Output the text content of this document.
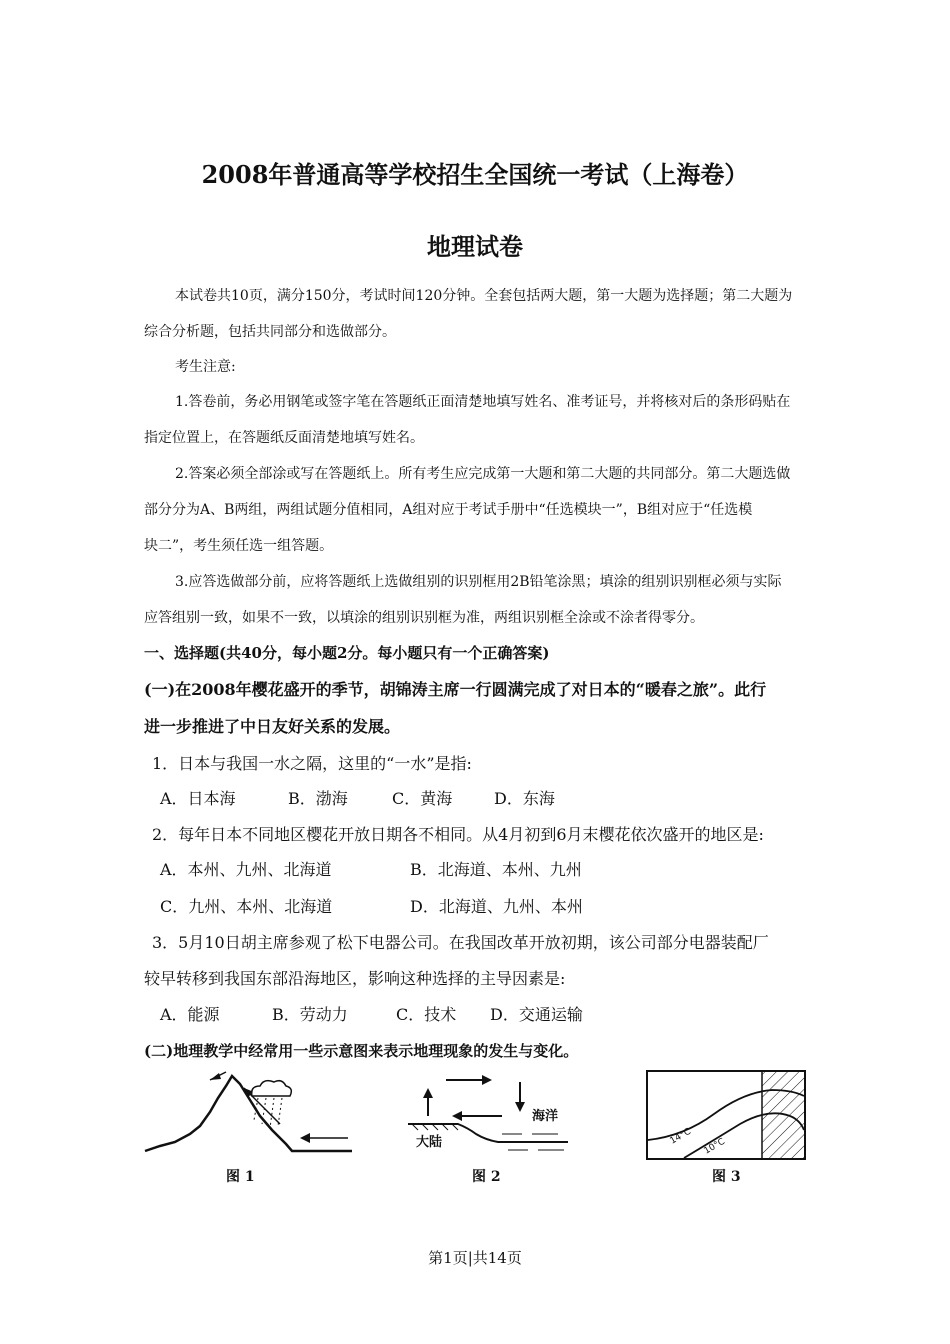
2008年普通高等学校招生全国统一考试（上海卷）
地理试卷
本试卷共10页，满分150分，考试时间120分钟。全套包括两大题，第一大题为选择题；第二大题为
综合分析题，包括共同部分和选做部分。
考生注意:
1.答卷前，务必用钢笔或签字笔在答题纸正面清楚地填写姓名、准考证号，并将核对后的条形码贴在
指定位置上，在答题纸反面清楚地填写姓名。
2.答案必须全部涂或写在答题纸上。所有考生应完成第一大题和第二大题的共同部分。第二大题选做
部分分为A、B两组，两组试题分值相同，A组对应于考试手册中“任选模块一”，B组对应于“任选模
块二”，考生须任选一组答题。
3.应答选做部分前，应将答题纸上选做组别的识别框用2B铅笔涂黑；填涂的组别识别框必须与实际
应答组别一致，如果不一致，以填涂的组别识别框为准，两组识别框全涂或不涂者得零分。
一、选择题(共40分，每小题2分。每小题只有一个正确答案)
(一)在2008年樱花盛开的季节，胡锦涛主席一行圆满完成了对日本的“暖春之旅”。此行
进一步推进了中日友好关系的发展。
1．日本与我国一水之隔，这里的“一水”是指:
A．日本海	B．渤海	C．黄海	D．东海
2．每年日本不同地区樱花开放日期各不相同。从4月初到6月末樱花依次盛开的地区是:
A．本州、九州、北海道	B．北海道、本州、九州
C．九州、本州、北海道	D．北海道、九州、本州
3．5月10日胡主席参观了松下电器公司。在我国改革开放初期，该公司部分电器装配厂
较早转移到我国东部沿海地区，影响这种选择的主导因素是:
A．能源	B．劳动力	C．技术 D．交通运输
(二)地理教学中经常用一些示意图来表示地理现象的发生与变化。
图 1
海洋
大陆
图 2
14°C
10°C
图 3
第1页|共14页
